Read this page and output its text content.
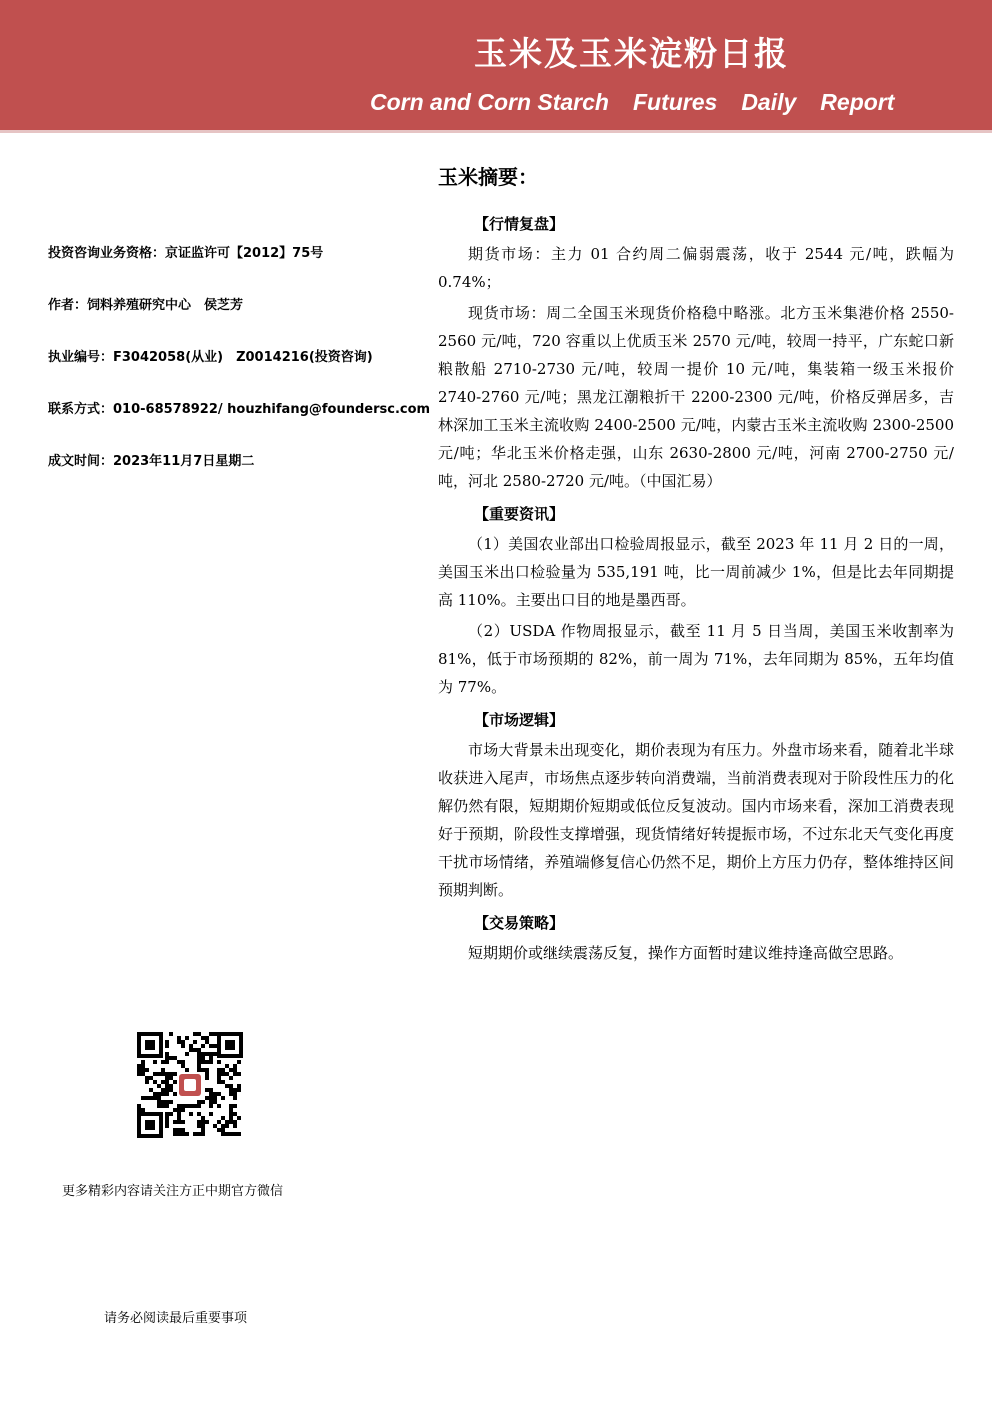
玉米及玉米淀粉日报
Corn and Corn Starch Futures Daily Report
投资咨询业务资格：京证监许可【2012】75号
作者：饲料养殖研究中心　侯芝芳
执业编号：F3042058(从业)　Z0014216(投资咨询)
联系方式：010-68578922/ houzhifang@foundersc.com
成文时间：2023年11月7日星期二
更多精彩内容请关注方正中期官方微信
请务必阅读最后重要事项
玉米摘要：
【行情复盘】

期货市场：主力 01 合约周二偏弱震荡，收于 2544 元/吨，跌幅为 0.74%；

现货市场：周二全国玉米现货价格稳中略涨。北方玉米集港价格 2550-2560 元/吨，720 容重以上优质玉米 2570 元/吨，较周一持平，广东蛇口新粮散船 2710-2730 元/吨，较周一提价 10 元/吨，集装箱一级玉米报价 2740-2760 元/吨；黑龙江潮粮折干 2200-2300 元/吨，价格反弹居多，吉林深加工玉米主流收购 2400-2500 元/吨，内蒙古玉米主流收购 2300-2500 元/吨；华北玉米价格走强，山东 2630-2800 元/吨，河南 2700-2750 元/吨，河北 2580-2720 元/吨。（中国汇易）

【重要资讯】

（1）美国农业部出口检验周报显示，截至 2023 年 11 月 2 日的一周，美国玉米出口检验量为 535,191 吨，比一周前减少 1%，但是比去年同期提高 110%。主要出口目的地是墨西哥。

（2）USDA 作物周报显示，截至 11 月 5 日当周，美国玉米收割率为 81%，低于市场预期的 82%，前一周为 71%，去年同期为 85%，五年均值为 77%。

【市场逻辑】

市场大背景未出现变化，期价表现为有压力。外盘市场来看，随着北半球收获进入尾声，市场焦点逐步转向消费端，当前消费表现对于阶段性压力的化解仍然有限，短期期价短期或低位反复波动。国内市场来看，深加工消费表现好于预期，阶段性支撑增强，现货情绪好转提振市场，不过东北天气变化再度干扰市场情绪，养殖端修复信心仍然不足，期价上方压力仍存，整体维持区间预期判断。

【交易策略】

短期期价或继续震荡反复，操作方面暂时建议维持逢高做空思路。
